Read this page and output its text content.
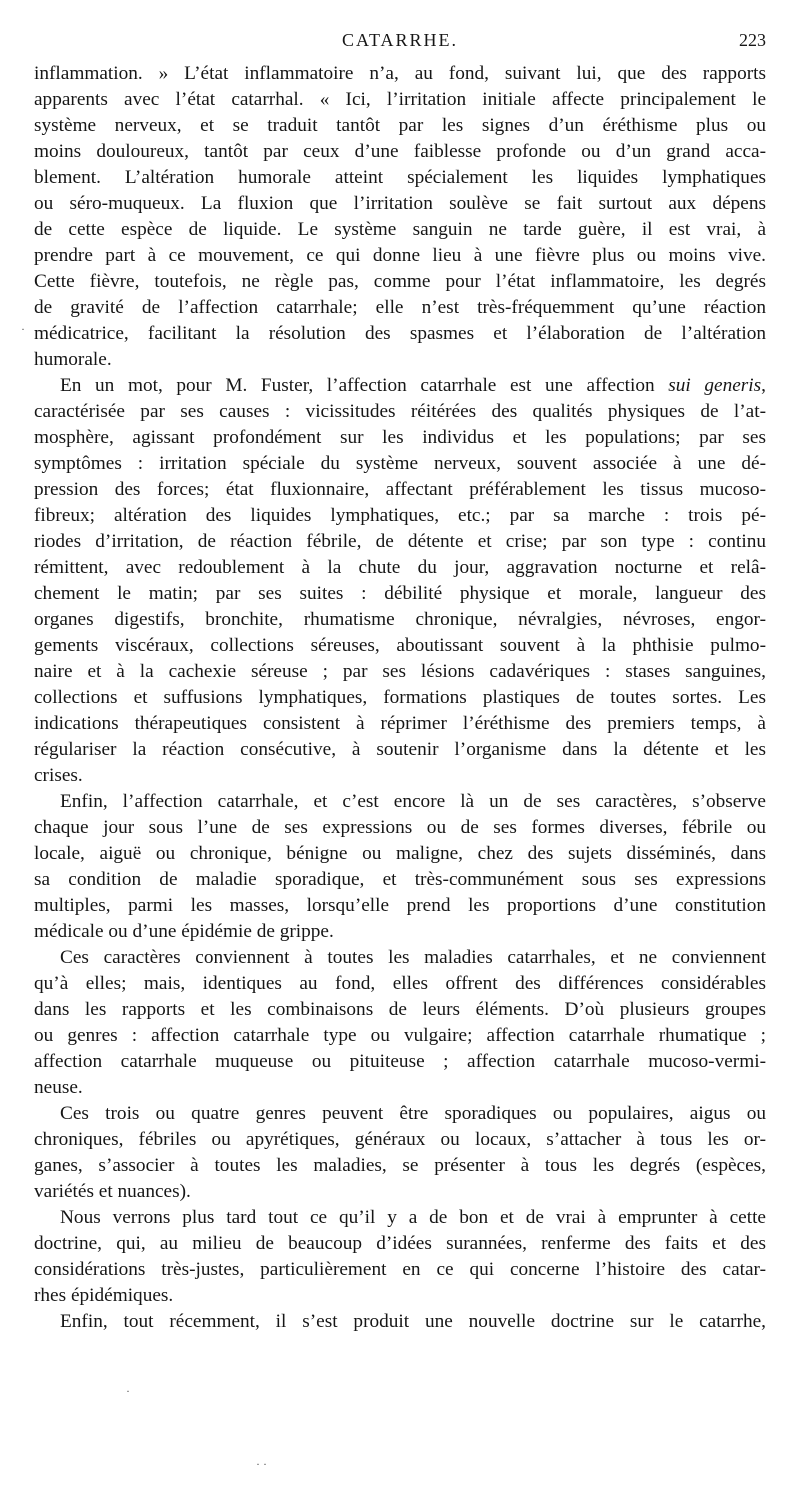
CATARRHE.	223
inflammation. » L’état inflammatoire n’a, au fond, suivant lui, que des rapports
apparents avec l’état catarrhal. « Ici, l’irritation initiale affecte principalement le
système nerveux, et se traduit tantôt par les signes d’un éréthisme plus ou
moins douloureux, tantôt par ceux d’une faiblesse profonde ou d’un grand acca-
blement. L’altération humorale atteint spécialement les liquides lymphatiques
ou séro-muqueux. La fluxion que l’irritation soulève se fait surtout aux dépens
de cette espèce de liquide. Le système sanguin ne tarde guère, il est vrai, à
prendre part à ce mouvement, ce qui donne lieu à une fièvre plus ou moins vive.
Cette fièvre, toutefois, ne règle pas, comme pour l’état inflammatoire, les degrés
de gravité de l’affection catarrhale; elle n’est très-fréquemment qu’une réaction
médicatrice, facilitant la résolution des spasmes et l’élaboration de l’altération
humorale.
En un mot, pour M. Fuster, l’affection catarrhale est une affection sui generis,
caractérisée par ses causes : vicissitudes réitérées des qualités physiques de l’at-
mosphère, agissant profondément sur les individus et les populations; par ses
symptômes : irritation spéciale du système nerveux, souvent associée à une dé-
pression des forces; état fluxionnaire, affectant préférablement les tissus mucoso-
fibreux; altération des liquides lymphatiques, etc.; par sa marche : trois pé-
riodes d’irritation, de réaction fébrile, de détente et crise; par son type : continu
rémittent, avec redoublement à la chute du jour, aggravation nocturne et relâ-
chement le matin; par ses suites : débilité physique et morale, langueur des
organes digestifs, bronchite, rhumatisme chronique, névralgies, névroses, engor-
gements viscéraux, collections séreuses, aboutissant souvent à la phthisie pulmo-
naire et à la cachexie séreuse ; par ses lésions cadavériques : stases sanguines,
collections et suffusions lymphatiques, formations plastiques de toutes sortes. Les
indications thérapeutiques consistent à réprimer l’éréthisme des premiers temps, à
régulariser la réaction consécutive, à soutenir l’organisme dans la détente et les
crises.
Enfin, l’affection catarrhale, et c’est encore là un de ses caractères, s’observe
chaque jour sous l’une de ses expressions ou de ses formes diverses, fébrile ou
locale, aiguë ou chronique, bénigne ou maligne, chez des sujets disséminés, dans
sa condition de maladie sporadique, et très-communément sous ses expressions
multiples, parmi les masses, lorsqu’elle prend les proportions d’une constitution
médicale ou d’une épidémie de grippe.
Ces caractères conviennent à toutes les maladies catarrhales, et ne conviennent
qu’à elles; mais, identiques au fond, elles offrent des différences considérables
dans les rapports et les combinaisons de leurs éléments. D’où plusieurs groupes
ou genres : affection catarrhale type ou vulgaire; affection catarrhale rhumatique ;
affection catarrhale muqueuse ou pituiteuse ; affection catarrhale mucoso-vermi-
neuse.
Ces trois ou quatre genres peuvent être sporadiques ou populaires, aigus ou
chroniques, fébriles ou apyrétiques, généraux ou locaux, s’attacher à tous les or-
ganes, s’associer à toutes les maladies, se présenter à tous les degrés (espèces,
variétés et nuances).
Nous verrons plus tard tout ce qu’il y a de bon et de vrai à emprunter à cette
doctrine, qui, au milieu de beaucoup d’idées surannées, renferme des faits et des
considérations très-justes, particulièrement en ce qui concerne l’histoire des catar-
rhes épidémiques.
Enfin, tout récemment, il s’est produit une nouvelle doctrine sur le catarrhe,
·
·
· ·
